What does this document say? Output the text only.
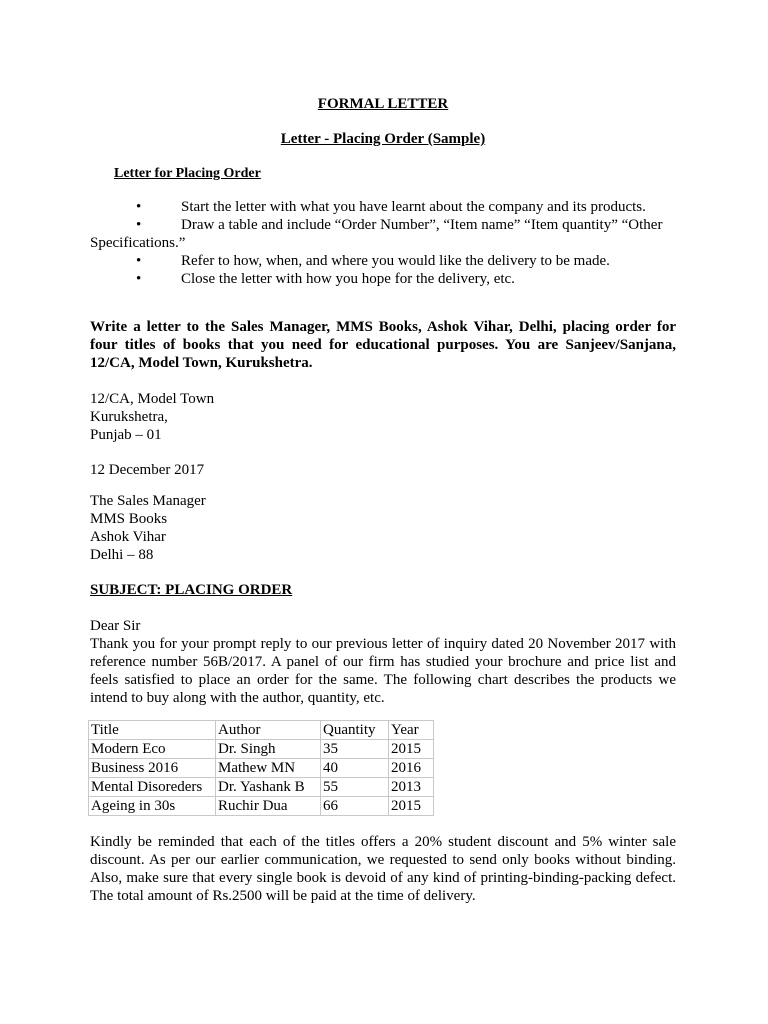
FORMAL LETTER
Letter - Placing Order (Sample)
Letter for Placing Order
•	Start the letter with what you have learnt about the company and its products.
•	Draw a table and include “Order Number”, “Item name” “Item quantity” “Other
Specifications.”
•	Refer to how, when, and where you would like the delivery to be made.
•	Close the letter with how you hope for the delivery, etc.
Write a letter to the Sales Manager, MMS Books, Ashok Vihar, Delhi, placing order for
four titles of books that you need for educational purposes. You are Sanjeev/Sanjana,
12/CA, Model Town, Kurukshetra.
12/CA, Model Town
Kurukshetra,
Punjab – 01
12 December 2017
The Sales Manager
MMS Books
Ashok Vihar
Delhi – 88
SUBJECT: PLACING ORDER
Dear Sir
Thank you for your prompt reply to our previous letter of inquiry dated 20 November 2017 with
reference number 56B/2017. A panel of our firm has studied your brochure and price list and
feels satisfied to place an order for the same. The following chart describes the products we
intend to buy along with the author, quantity, etc.
Title	Author	Quantity	Year
Modern Eco	Dr. Singh	35	2015
Business 2016	Mathew MN	40	2016
Mental Disoreders	Dr. Yashank B	55	2013
Ageing in 30s	Ruchir Dua	66	2015
Kindly be reminded that each of the titles offers a 20% student discount and 5% winter sale
discount. As per our earlier communication, we requested to send only books without binding.
Also, make sure that every single book is devoid of any kind of printing-binding-packing defect.
The total amount of Rs.2500 will be paid at the time of delivery.
